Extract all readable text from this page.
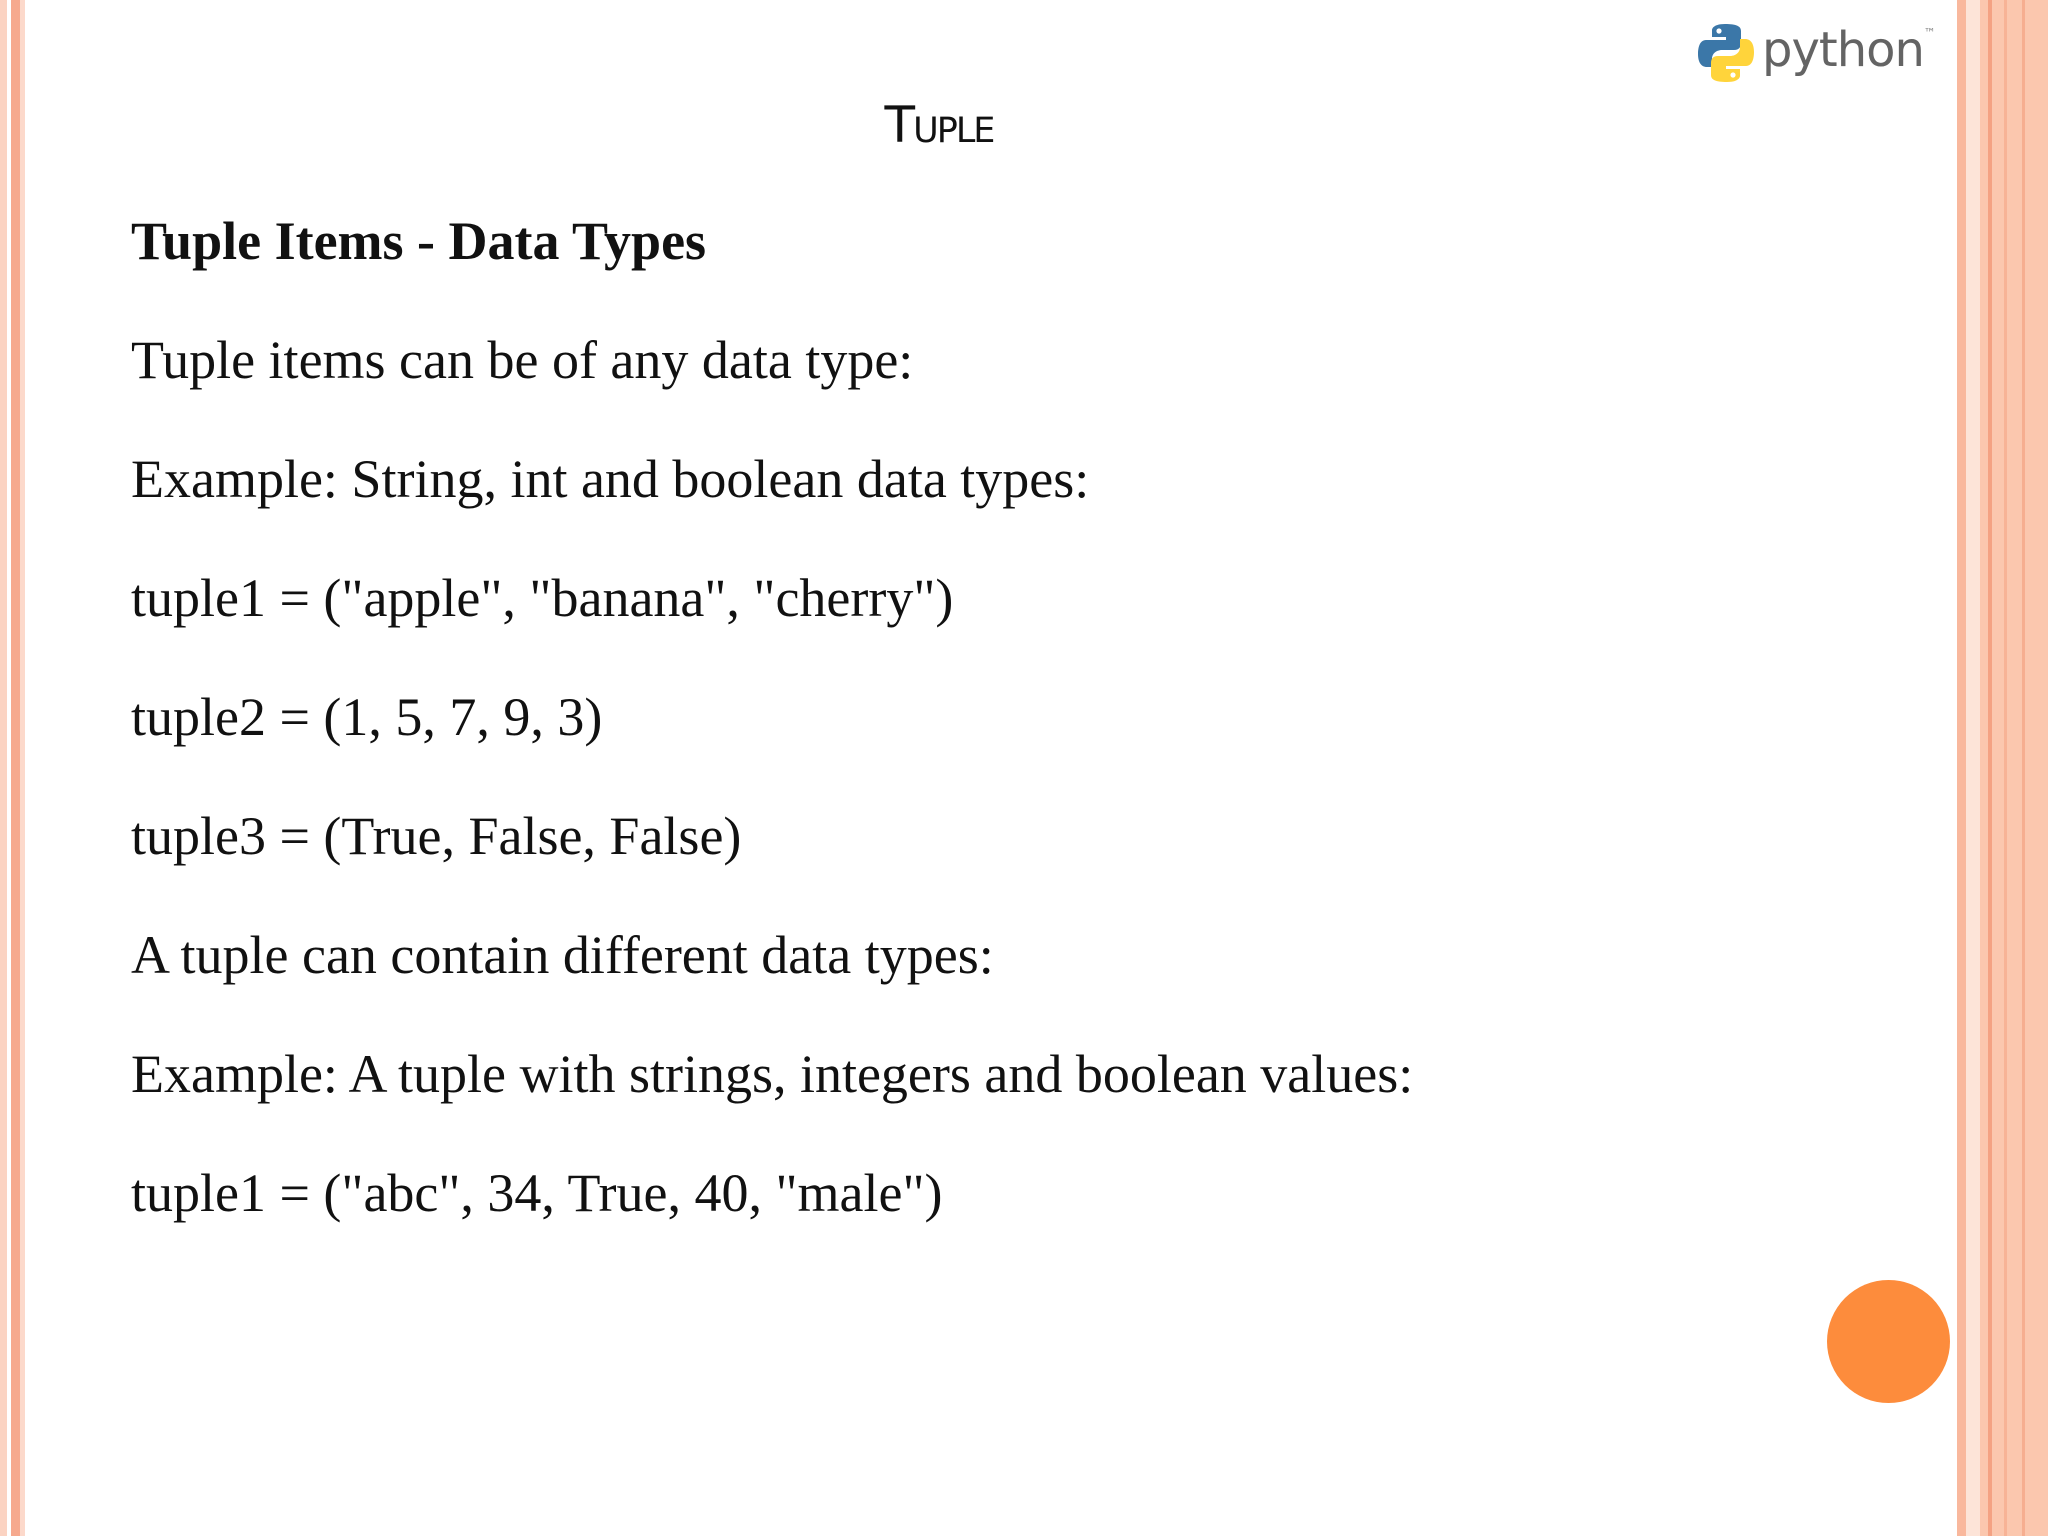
python ™
Tuple
Tuple Items - Data Types
Tuple items can be of any data type:
Example: String, int and boolean data types:
tuple1 = ("apple", "banana", "cherry")
tuple2 = (1, 5, 7, 9, 3)
tuple3 = (True, False, False)
A tuple can contain different data types:
Example: A tuple with strings, integers and boolean values:
tuple1 = ("abc", 34, True, 40, "male")
